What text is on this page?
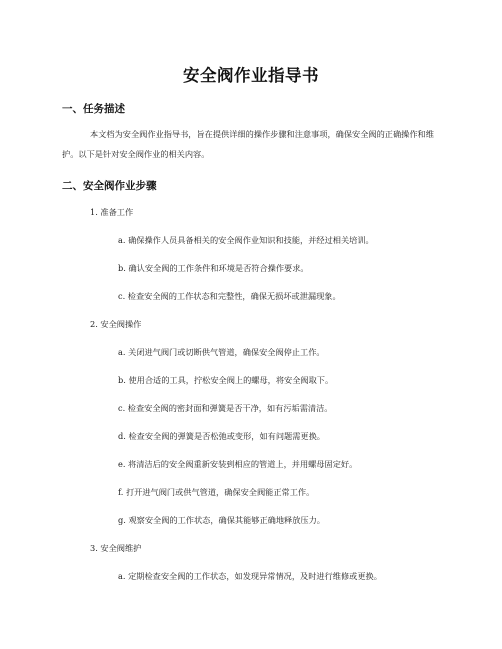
安全阀作业指导书
一、任务描述
本文档为安全阀作业指导书，旨在提供详细的操作步骤和注意事项，确保安全阀的正确操作和维护。以下是针对安全阀作业的相关内容。
二、安全阀作业步骤
1. 准备工作
a. 确保操作人员具备相关的安全阀作业知识和技能，并经过相关培训。
b. 确认安全阀的工作条件和环境是否符合操作要求。
c. 检查安全阀的工作状态和完整性，确保无损坏或泄漏现象。
2. 安全阀操作
a. 关闭进气阀门或切断供气管道，确保安全阀停止工作。
b. 使用合适的工具，拧松安全阀上的螺母，将安全阀取下。
c. 检查安全阀的密封面和弹簧是否干净，如有污垢需清洁。
d. 检查安全阀的弹簧是否松弛或变形，如有问题需更换。
e. 将清洁后的安全阀重新安装到相应的管道上，并用螺母固定好。
f. 打开进气阀门或供气管道，确保安全阀能正常工作。
g. 观察安全阀的工作状态，确保其能够正确地释放压力。
3. 安全阀维护
a. 定期检查安全阀的工作状态，如发现异常情况，及时进行维修或更换。
